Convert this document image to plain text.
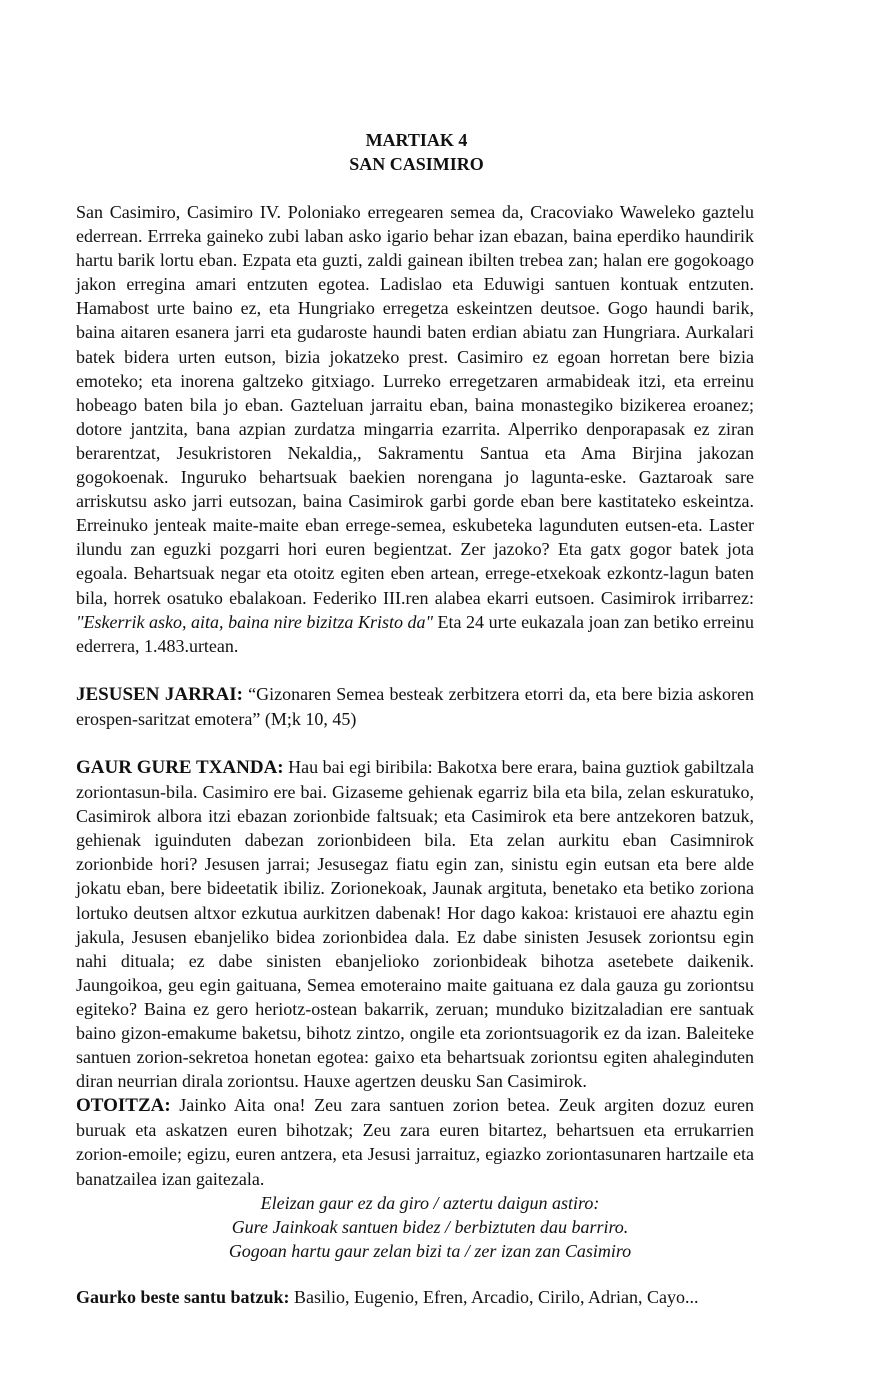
MARTIAK 4
SAN CASIMIRO

San Casimiro, Casimiro IV. Poloniako erregearen semea da, Cracoviako Waweleko gaztelu ederrean. Errreka gaineko zubi laban asko igario behar izan ebazan, baina eperdiko haundirik hartu barik lortu eban. Ezpata eta guzti, zaldi gainean ibilten trebea zan; halan ere gogokoago jakon erregina amari entzuten egotea. Ladislao eta Eduwigi santuen kontuak entzuten. Hamabost urte baino ez, eta Hungriako erregetza eskeintzen deutsoe. Gogo haundi barik, baina aitaren esanera jarri eta gudaroste haundi baten erdian abiatu zan Hungriara. Aurkalari batek bidera urten eutson, bizia jokatzeko prest. Casimiro ez egoan horretan bere bizia emoteko; eta inorena galtzeko gitxiago. Lurreko erregetzaren armabideak itzi, eta erreinu hobeago baten bila jo eban. Gazteluan jarraitu eban, baina monastegiko bizikerea eroanez; dotore jantzita, bana azpian zurdatza mingarria ezarrita. Alperriko denporapasak ez ziran berarentzat, Jesukristoren Nekaldia,, Sakramentu Santua eta Ama Birjina jakozan gogokoenak. Inguruko behartsuak baekien norengana jo lagunta-eske. Gaztaroak sare arriskutsu asko jarri eutsozan, baina Casimirok garbi gorde eban bere kastitateko eskeintza. Erreinuko jenteak maite-maite eban errege-semea, eskubeteka lagunduten eutsen-eta. Laster ilundu zan eguzki pozgarri hori euren begientzat. Zer jazoko? Eta gatx gogor batek jota egoala. Behartsuak negar eta otoitz egiten eben artean, errege-etxekoak ezkontz-lagun baten bila, horrek osatuko ebalakoan. Federiko III.ren alabea ekarri eutsoen. Casimirok irribarrez: "Eskerrik asko, aita, baina nire bizitza Kristo da" Eta 24 urte eukazala joan zan betiko erreinu ederrera, 1.483.urtean.

JESUSEN JARRAI: “Gizonaren Semea besteak zerbitzera etorri da, eta bere bizia askoren erospen-saritzat emotera” (M;k 10, 45)

GAUR GURE TXANDA: Hau bai egi biribila: Bakotxa bere erara, baina guztiok gabiltzala zoriontasun-bila. Casimiro ere bai. Gizaseme gehienak egarriz bila eta bila, zelan eskuratuko, Casimirok albora itzi ebazan zorionbide faltsuak; eta Casimirok eta bere antzekoren batzuk, gehienak iguinduten dabezan zorionbideen bila. Eta zelan aurkitu eban Casimnirok zorionbide hori? Jesusen jarrai; Jesusegaz fiatu egin zan, sinistu egin eutsan eta bere alde jokatu eban, bere bideetatik ibiliz. Zorionekoak, Jaunak argituta, benetako eta betiko zoriona lortuko deutsen altxor ezkutua aurkitzen dabenak! Hor dago kakoa: kristauoi ere ahaztu egin jakula, Jesusen ebanjeliko bidea zorionbidea dala. Ez dabe sinisten Jesusek zoriontsu egin nahi dituala; ez dabe sinisten ebanjelioko zorionbideak bihotza asetebete daikenik. Jaungoikoa, geu egin gaituana, Semea emoteraino maite gaituana ez dala gauza gu zoriontsu egiteko? Baina ez gero heriotz-ostean bakarrik, zeruan; munduko bizitzaladian ere santuak baino gizon-emakume baketsu, bihotz zintzo, ongile eta zoriontsuagorik ez da izan. Baleiteke santuen zorion-sekretoa honetan egotea: gaixo eta behartsuak zoriontsu egiten ahaleginduten diran neurrian dirala zoriontsu. Hauxe agertzen deusku San Casimirok.

OTOITZA: Jainko Aita ona! Zeu zara santuen zorion betea. Zeuk argiten dozuz euren buruak eta askatzen euren bihotzak; Zeu zara euren bitartez, behartsuen eta errukarrien zorion-emoile; egizu, euren antzera, eta Jesusi jarraituz, egiazko zoriontasunaren hartzaile eta banatzailea izan gaitezala.

Eleizan gaur ez da giro / aztertu daigun astiro:
Gure Jainkoak santuen bidez / berbiztuten dau barriro.
Gogoan hartu gaur zelan bizi ta / zer izan zan Casimiro

Gaurko beste santu batzuk: Basilio, Eugenio, Efren, Arcadio, Cirilo, Adrian, Cayo...
